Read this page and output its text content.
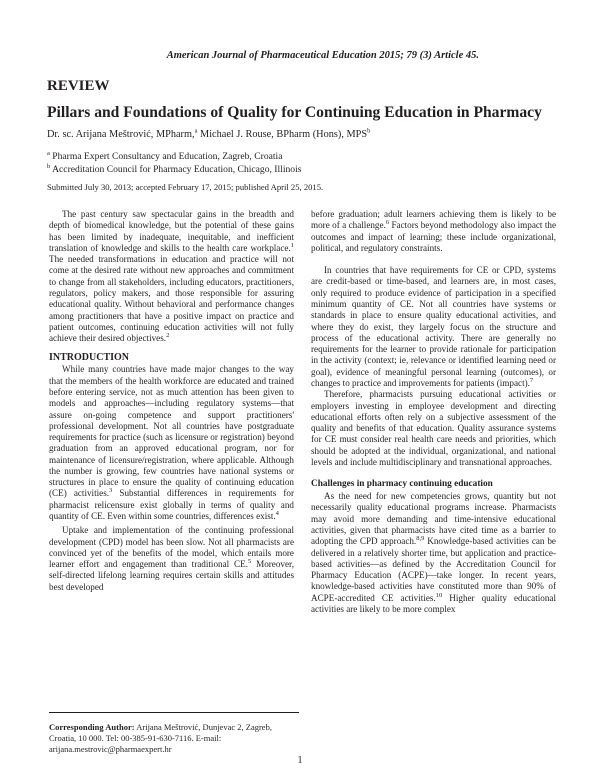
American Journal of Pharmaceutical Education 2015; 79 (3) Article 45.
REVIEW
Pillars and Foundations of Quality for Continuing Education in Pharmacy
Dr. sc. Arijana Meštrović, MPharm,$^a$ Michael J. Rouse, BPharm (Hons), MPS$^b$
$^a$ Pharma Expert Consultancy and Education, Zagreb, Croatia
$^b$ Accreditation Council for Pharmacy Education, Chicago, Illinois
Submitted July 30, 2013; accepted February 17, 2015; published April 25, 2015.

The past century saw spectacular gains in the breadth and depth of biomedical knowledge, but the potential of these gains has been limited by inadequate, inequitable, and inefficient translation of knowledge and skills to the health care workplace.$^1$ The needed transformations in education and practice will not come at the desired rate without new approaches and commitment to change from all stakeholders, including educators, practitioners, regulators, policy makers, and those responsible for assuring educational quality. Without behavioral and performance changes among practitioners that have a positive impact on practice and patient outcomes, continuing education activities will not fully achieve their desired objectives.$^2$

INTRODUCTION

While many countries have made major changes to the way that the members of the health workforce are educated and trained before entering service, not as much attention has been given to models and approaches—including regulatory systems—that assure on-going competence and support practitioners' professional development. Not all countries have postgraduate requirements for practice (such as licensure or registration) beyond graduation from an approved educational program, nor for maintenance of licensure/registration, where applicable. Although the number is growing, few countries have national systems or structures in place to ensure the quality of continuing education (CE) activities.$^3$ Substantial differences in requirements for pharmacist relicensure exist globally in terms of quality and quantity of CE. Even within some countries, differences exist.$^4$

Uptake and implementation of the continuing professional development (CPD) model has been slow. Not all pharmacists are convinced yet of the benefits of the model, which entails more learner effort and engagement than traditional CE.$^5$ Moreover, self-directed lifelong learning requires certain skills and attitudes best developed

before graduation; adult learners achieving them is likely to be more of a challenge.$^6$ Factors beyond methodology also impact the outcomes and impact of learning; these include organizational, political, and regulatory constraints.

In countries that have requirements for CE or CPD, systems are credit-based or time-based, and learners are, in most cases, only required to produce evidence of participation in a specified minimum quantity of CE. Not all countries have systems or standards in place to ensure quality educational activities, and where they do exist, they largely focus on the structure and process of the educational activity. There are generally no requirements for the learner to provide rationale for participation in the activity (context; ie, relevance or identified learning need or goal), evidence of meaningful personal learning (outcomes), or changes to practice and improvements for patients (impact).$^7$

Therefore, pharmacists pursuing educational activities or employers investing in employee development and directing educational efforts often rely on a subjective assessment of the quality and benefits of that education. Quality assurance systems for CE must consider real health care needs and priorities, which should be adopted at the individual, organizational, and national levels and include multidisciplinary and transnational approaches.

Challenges in pharmacy continuing education

As the need for new competencies grows, quantity but not necessarily quality educational programs increase. Pharmacists may avoid more demanding and time-intensive educational activities, given that pharmacists have cited time as a barrier to adopting the CPD approach.$^{8,9}$ Knowledge-based activities can be delivered in a relatively shorter time, but application and practice-based activities—as defined by the Accreditation Council for Pharmacy Education (ACPE)—take longer. In recent years, knowledge-based activities have constituted more than 90% of ACPE-accredited CE activities.$^{10}$ Higher quality educational activities are likely to be more complex

Corresponding Author: Arijana Meštrović, Dunjevac 2, Zagreb, Croatia, 10 000. Tel: 00-385-91-630-7116. E-mail: arijana.mestrovic@pharmaexpert.hr
1
